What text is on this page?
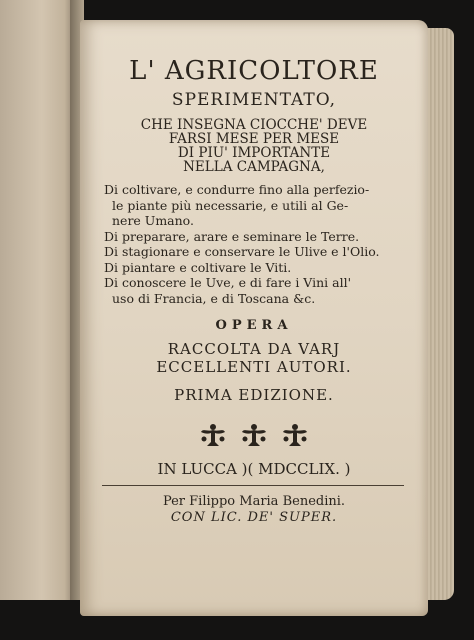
L' AGRICOLTORE
SPERIMENTATO,
CHE INSEGNA CIOCCHE' DEVE
FARSI MESE PER MESE
DI PIU' IMPORTANTE
NELLA CAMPAGNA,
Di coltivare, e condurre fino alla perfezio-
le piante più necessarie, e utili al Ge-
nere Umano.
Di preparare, arare e seminare le Terre.
Di stagionare e conservare le Ulive e l'Olio.
Di piantare e coltivare le Viti.
Di conoscere le Uve, e di fare i Vini all'
uso di Francia, e di Toscana &c.
OPERA
RACCOLTA DA VARJ
ECCELLENTI AUTORI.
PRIMA EDIZIONE.

IN LUCCA )( MDCCLIX. )
Per Filippo Maria Benedini.
CON LIC. DE' SUPER.
